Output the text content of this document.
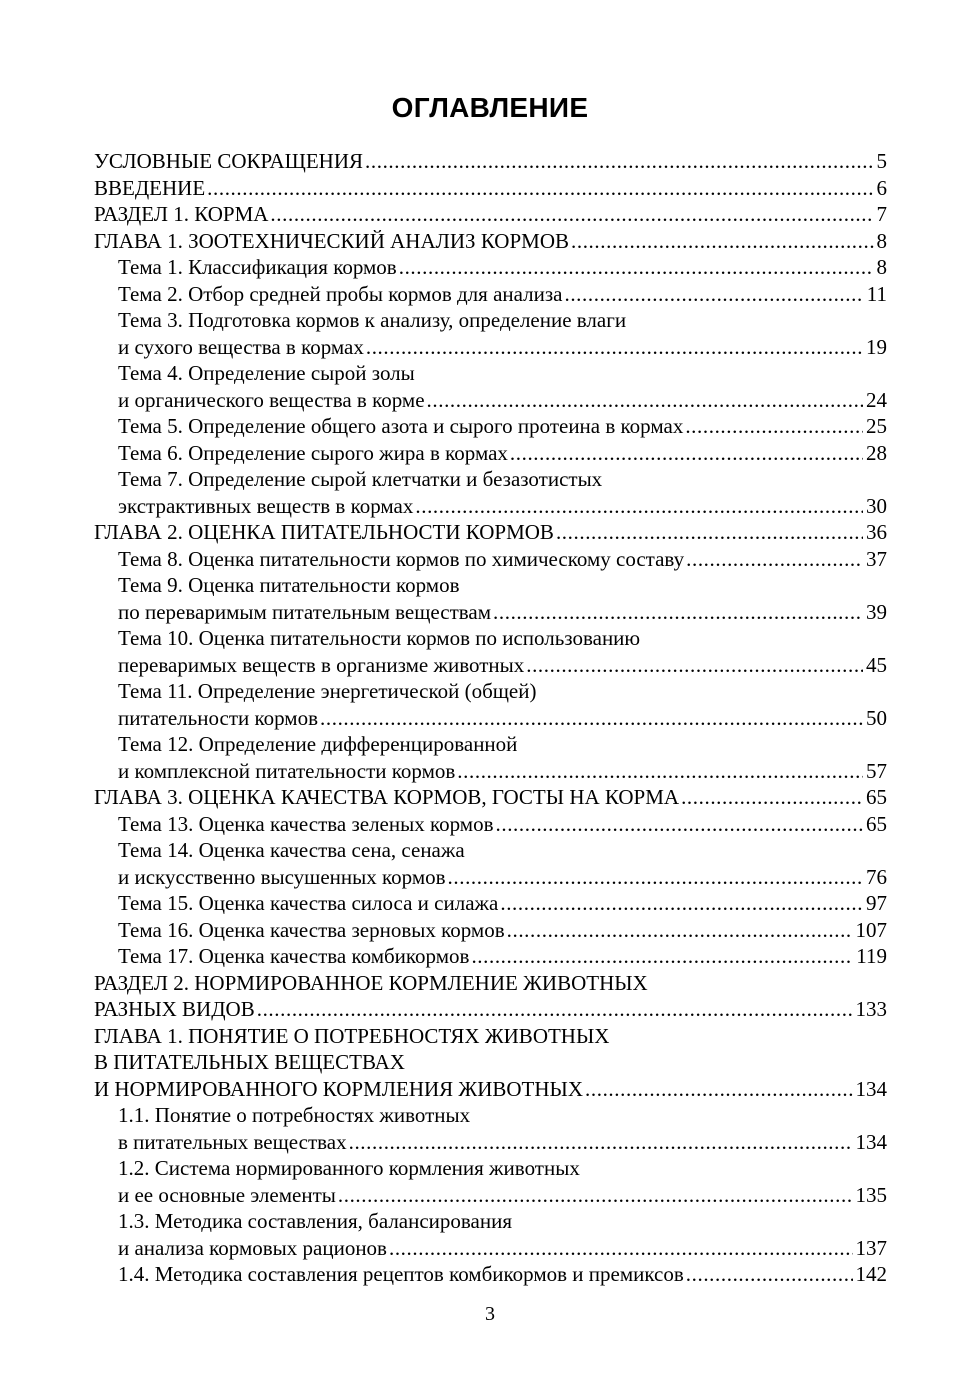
ОГЛАВЛЕНИЕ
УСЛОВНЫЕ СОКРАЩЕНИЯ .....	5
ВВЕДЕНИЕ .....	6
РАЗДЕЛ 1. КОРМА .....	7
ГЛАВА 1. ЗООТЕХНИЧЕСКИЙ АНАЛИЗ КОРМОВ .....	8
Тема 1. Классификация кормов .....	8
Тема 2. Отбор средней пробы кормов для анализа .....	11
Тема 3. Подготовка кормов к анализу, определение влаги
и сухого вещества в кормах .....	19
Тема 4. Определение сырой золы
и органического вещества в корме .....	24
Тема 5. Определение общего азота и сырого протеина в кормах .....	25
Тема 6. Определение сырого жира в кормах .....	28
Тема 7. Определение сырой клетчатки и безазотистых
экстрактивных веществ в кормах .....	30
ГЛАВА 2. ОЦЕНКА ПИТАТЕЛЬНОСТИ КОРМОВ .....	36
Тема 8. Оценка питательности кормов по химическому составу .....	37
Тема 9. Оценка питательности кормов
по переваримым питательным веществам .....	39
Тема 10. Оценка питательности кормов по использованию
переваримых веществ в организме животных .....	45
Тема 11. Определение энергетической (общей)
питательности кормов .....	50
Тема 12. Определение дифференцированной
и комплексной питательности кормов .....	57
ГЛАВА 3. ОЦЕНКА КАЧЕСТВА КОРМОВ, ГОСТЫ НА КОРМА .....	65
Тема 13. Оценка качества зеленых кормов .....	65
Тема 14. Оценка качества сена, сенажа
и искусственно высушенных кормов .....	76
Тема 15. Оценка качества силоса и силажа .....	97
Тема 16. Оценка качества зерновых кормов .....	107
Тема 17. Оценка качества комбикормов .....	119
РАЗДЕЛ 2. НОРМИРОВАННОЕ КОРМЛЕНИЕ ЖИВОТНЫХ
РАЗНЫХ ВИДОВ .....	133
ГЛАВА 1. ПОНЯТИЕ О ПОТРЕБНОСТЯХ ЖИВОТНЫХ
В ПИТАТЕЛЬНЫХ ВЕЩЕСТВАХ
И НОРМИРОВАННОГО КОРМЛЕНИЯ ЖИВОТНЫХ .....	134
1.1. Понятие о потребностях животных
в питательных веществах .....	134
1.2. Система нормированного кормления животных
и ее основные элементы .....	135
1.3. Методика составления, балансирования
и анализа кормовых рационов .....	137
1.4. Методика составления рецептов комбикормов и премиксов .....	142
3
